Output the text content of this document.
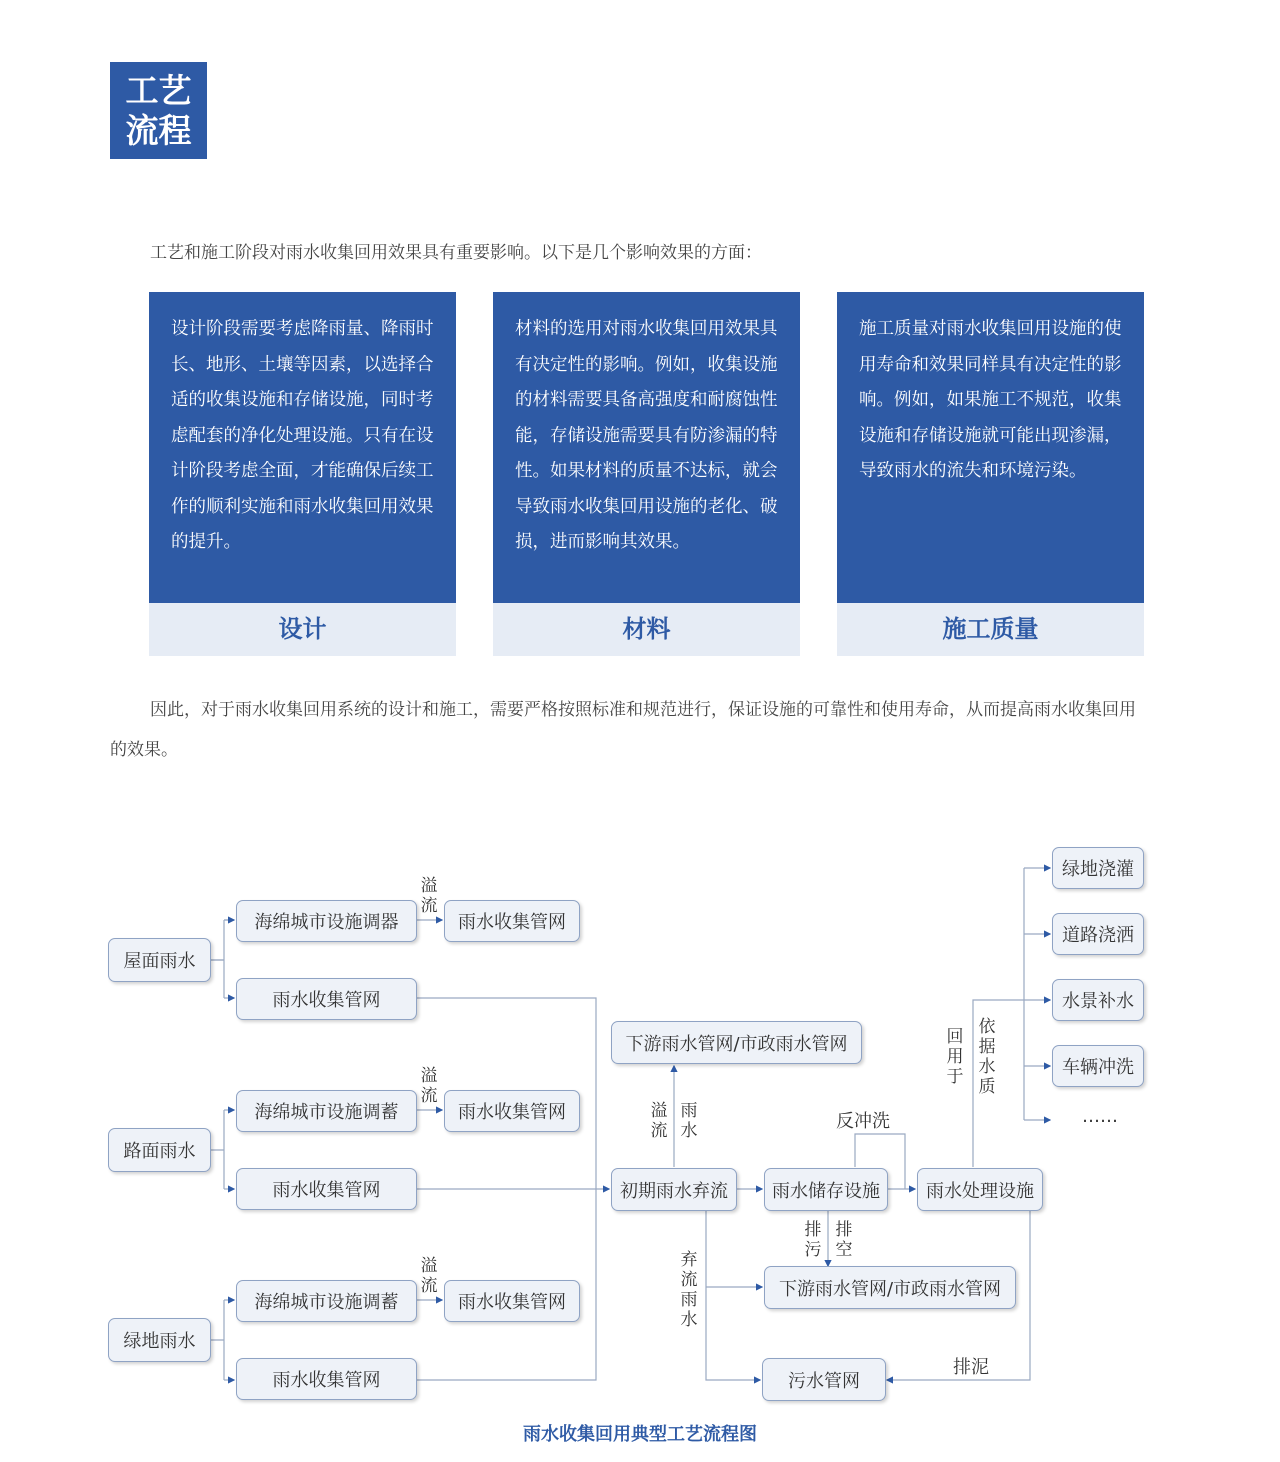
工艺
流程
工艺和施工阶段对雨水收集回用效果具有重要影响。以下是几个影响效果的方面：
设计阶段需要考虑降雨量、降雨时长、地形、土壤等因素，以选择合适的收集设施和存储设施，同时考虑配套的净化处理设施。只有在设计阶段考虑全面，才能确保后续工作的顺利实施和雨水收集回用效果的提升。
设计
材料的选用对雨水收集回用效果具有决定性的影响。例如，收集设施的材料需要具备高强度和耐腐蚀性能，存储设施需要具有防渗漏的特性。如果材料的质量不达标，就会导致雨水收集回用设施的老化、破损，进而影响其效果。
材料
施工质量对雨水收集回用设施的使用寿命和效果同样具有决定性的影响。例如，如果施工不规范，收集设施和存储设施就可能出现渗漏，导致雨水的流失和环境污染。
施工质量
因此，对于雨水收集回用系统的设计和施工，需要严格按照标准和规范进行，保证设施的可靠性和使用寿命，从而提高雨水收集回用的效果。
屋面雨水
路面雨水
绿地雨水
海绵城市设施调器
雨水收集管网
海绵城市设施调蓄
雨水收集管网
海绵城市设施调蓄
雨水收集管网
雨水收集管网
雨水收集管网
雨水收集管网
溢流
溢流
溢流
下游雨水管网/市政雨水管网
溢流
雨水
初期雨水弃流	雨水储存设施	雨水处理设施
反冲洗
排污
排空
下游雨水管网/市政雨水管网
弃流雨水
污水管网
排泥
回用于
依据水质
绿地浇灌
道路浇洒
水景补水
车辆冲洗
……
雨水收集回用典型工艺流程图
